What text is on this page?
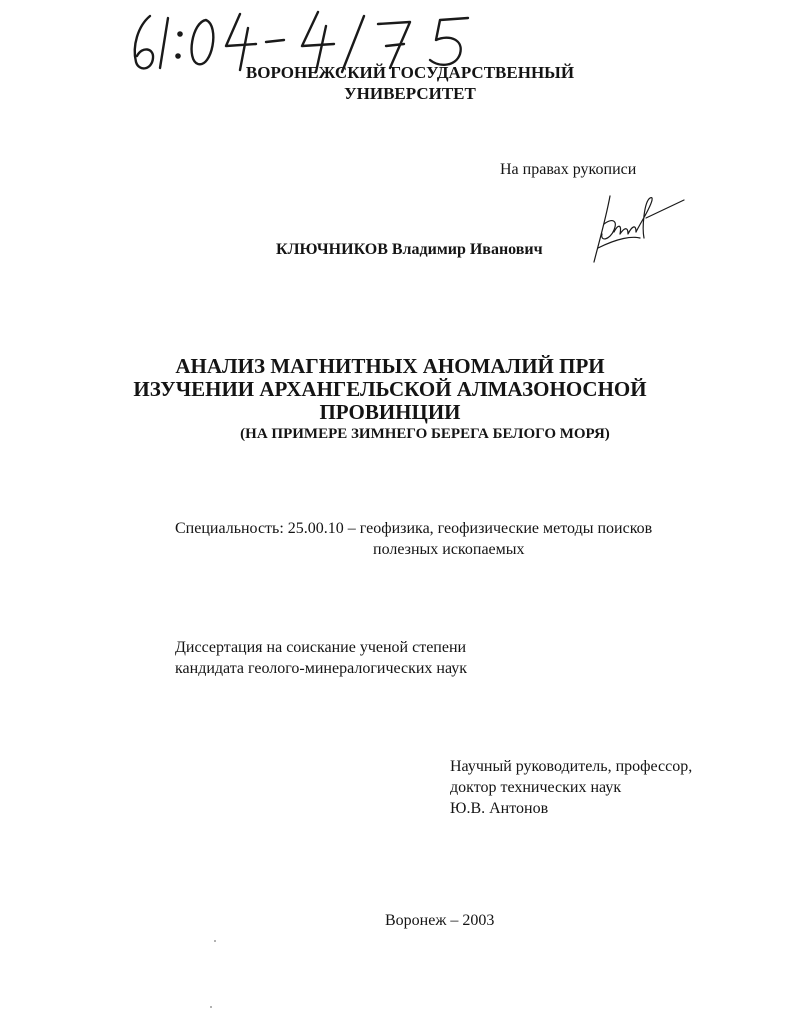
ВОРОНЕЖСКИЙ ГОСУДАРСТВЕННЫЙ
УНИВЕРСИТЕТ
На правах рукописи
КЛЮЧНИКОВ Владимир Иванович
АНАЛИЗ МАГНИТНЫХ АНОМАЛИЙ ПРИ
ИЗУЧЕНИИ АРХАНГЕЛЬСКОЙ АЛМАЗОНОСНОЙ
ПРОВИНЦИИ
(НА ПРИМЕРЕ ЗИМНЕГО БЕРЕГА БЕЛОГО МОРЯ)
Специальность: 25.00.10 – геофизика, геофизические методы поисков
полезных ископаемых
Диссертация на соискание ученой степени
кандидата геолого-минералогических наук
Научный руководитель, профессор,
доктор технических наук
Ю.В. Антонов
Воронеж – 2003
